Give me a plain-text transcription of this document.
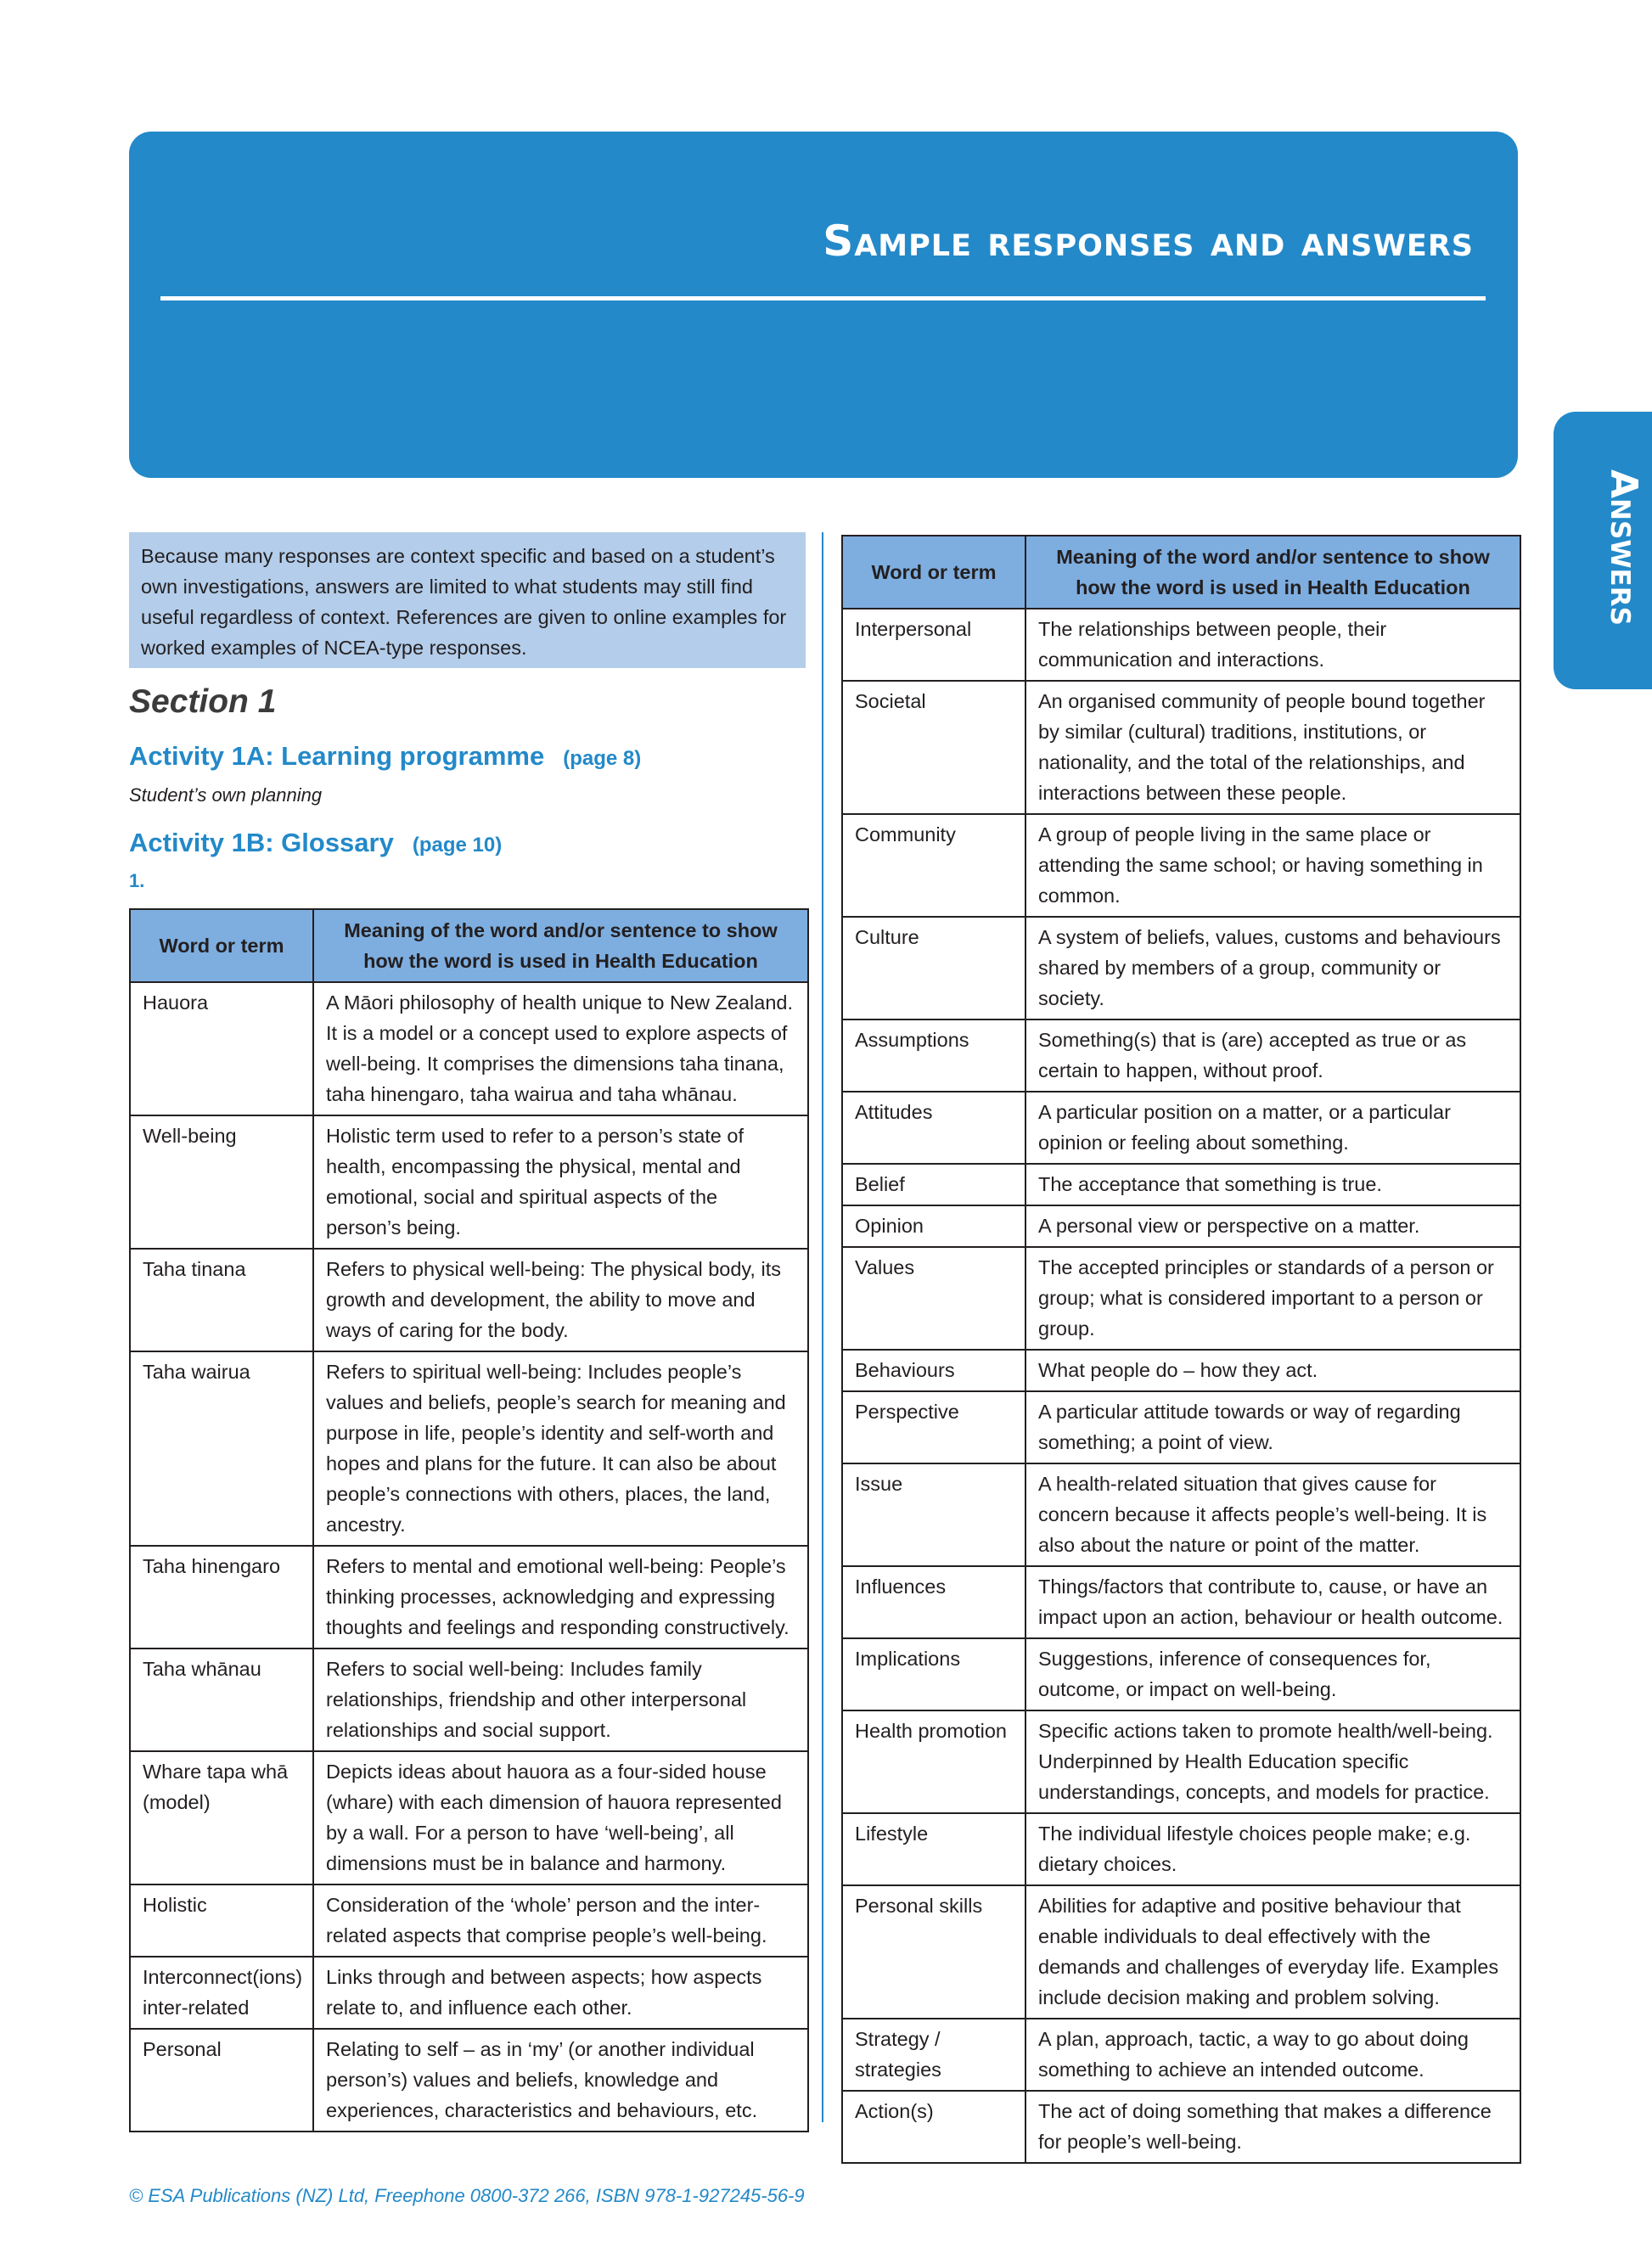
Sample responses and answers
Answers
Because many responses are context specific and based on a student’s own investigations, answers are limited to what students may still find useful regardless of context. References are given to online examples for worked examples of NCEA-type responses.
Section 1
Activity 1A: Learning programme (page 8)
Student’s own planning
Activity 1B: Glossary (page 10)
1.
Word or term	Meaning of the word and/or sentence to show how the word is used in Health Education
Hauora	A Māori philosophy of health unique to New Zealand. It is a model or a concept used to explore aspects of well-being. It comprises the dimensions taha tinana, taha hinengaro, taha wairua and taha whānau.
Well-being	Holistic term used to refer to a person’s state of health, encompassing the physical, mental and emotional, social and spiritual aspects of the person’s being.
Taha tinana	Refers to physical well-being: The physical body, its growth and development, the ability to move and ways of caring for the body.
Taha wairua	Refers to spiritual well-being: Includes people’s values and beliefs, people’s search for meaning and purpose in life, people’s identity and self-worth and hopes and plans for the future. It can also be about people’s connections with others, places, the land, ancestry.
Taha hinengaro	Refers to mental and emotional well-being: People’s thinking processes, acknowledging and expressing thoughts and feelings and responding constructively.
Taha whānau	Refers to social well-being: Includes family relationships, friendship and other interpersonal relationships and social support.
Whare tapa whā (model)	Depicts ideas about hauora as a four-sided house (whare) with each dimension of hauora represented by a wall. For a person to have ‘well-being’, all dimensions must be in balance and harmony.
Holistic	Consideration of the ‘whole’ person and the inter-related aspects that comprise people’s well-being.
Interconnect(ions) inter-related	Links through and between aspects; how aspects relate to, and influence each other.
Personal	Relating to self – as in ‘my’ (or another individual person’s) values and beliefs, knowledge and experiences, characteristics and behaviours, etc.
Word or term	Meaning of the word and/or sentence to show how the word is used in Health Education
Interpersonal	The relationships between people, their communication and interactions.
Societal	An organised community of people bound together by similar (cultural) traditions, institutions, or nationality, and the total of the relationships, and interactions between these people.
Community	A group of people living in the same place or attending the same school; or having something in common.
Culture	A system of beliefs, values, customs and behaviours shared by members of a group, community or society.
Assumptions	Something(s) that is (are) accepted as true or as certain to happen, without proof.
Attitudes	A particular position on a matter, or a particular opinion or feeling about something.
Belief	The acceptance that something is true.
Opinion	A personal view or perspective on a matter.
Values	The accepted principles or standards of a person or group; what is considered important to a person or group.
Behaviours	What people do – how they act.
Perspective	A particular attitude towards or way of regarding something; a point of view.
Issue	A health-related situation that gives cause for concern because it affects people’s well-being. It is also about the nature or point of the matter.
Influences	Things/factors that contribute to, cause, or have an impact upon an action, behaviour or health outcome.
Implications	Suggestions, inference of consequences for, outcome, or impact on well-being.
Health promotion	Specific actions taken to promote health/well-being. Underpinned by Health Education specific understandings, concepts, and models for practice.
Lifestyle	The individual lifestyle choices people make; e.g. dietary choices.
Personal skills	Abilities for adaptive and positive behaviour that enable individuals to deal effectively with the demands and challenges of everyday life. Examples include decision making and problem solving.
Strategy / strategies	A plan, approach, tactic, a way to go about doing something to achieve an intended outcome.
Action(s)	The act of doing something that makes a difference for people’s well-being.
© ESA Publications (NZ) Ltd, Freephone 0800-372 266, ISBN 978-1-927245-56-9
